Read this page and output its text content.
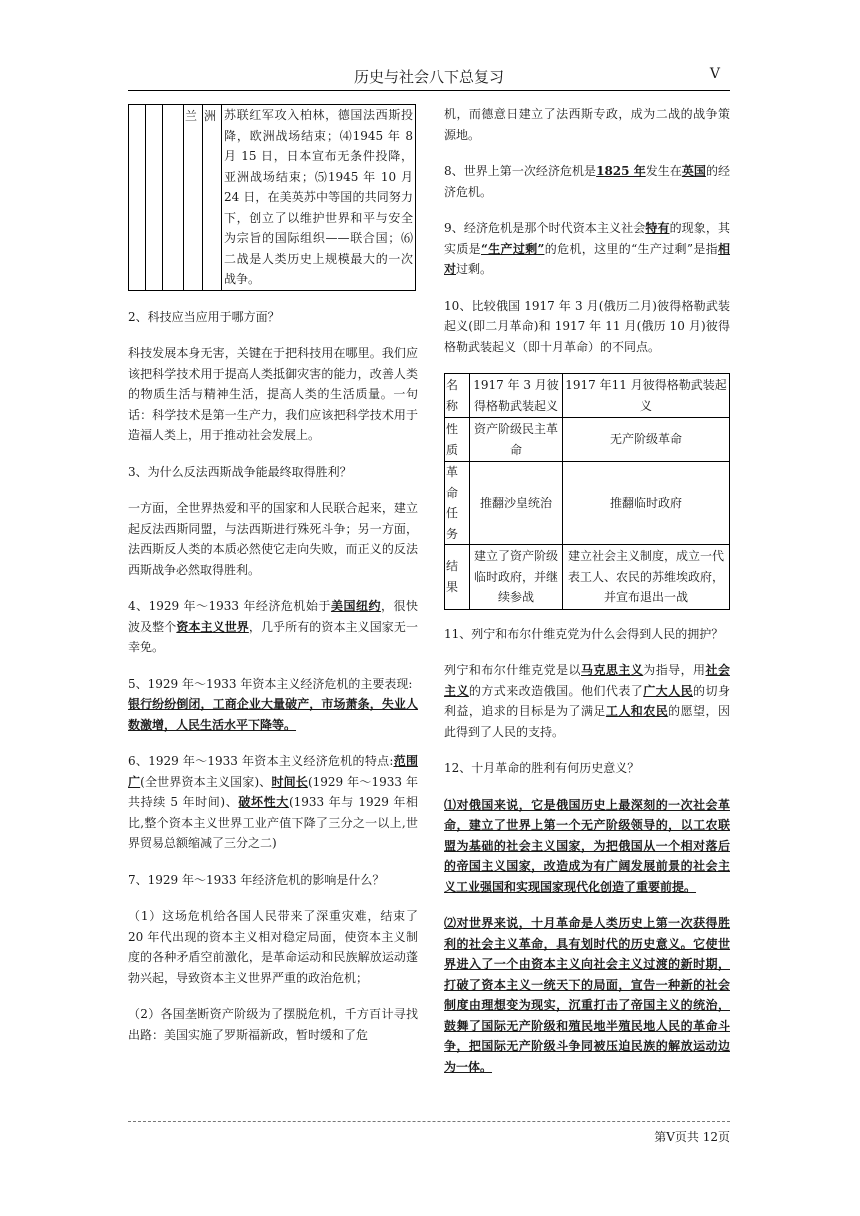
历史与社会八下总复习	V
			兰	洲	苏联红军攻入柏林，德国法西斯投降，欧洲战场结束；⑷1945 年 8 月 15 日，日本宣布无条件投降，亚洲战场结束；⑸1945 年 10 月 24 日，在美英苏中等国的共同努力下，创立了以维护世界和平与安全为宗旨的国际组织——联合国；⑹二战是人类历史上规模最大的一次战争。

2、科技应当应用于哪方面？

科技发展本身无害，关键在于把科技用在哪里。我们应该把科学技术用于提高人类抵御灾害的能力，改善人类的物质生活与精神生活，提高人类的生活质量。一句话：科学技术是第一生产力，我们应该把科学技术用于造福人类上，用于推动社会发展上。

3、为什么反法西斯战争能最终取得胜利？

一方面，全世界热爱和平的国家和人民联合起来，建立起反法西斯同盟，与法西斯进行殊死斗争；另一方面，法西斯反人类的本质必然使它走向失败，而正义的反法西斯战争必然取得胜利。

4、1929 年～1933 年经济危机始于美国纽约，很快波及整个资本主义世界，几乎所有的资本主义国家无一幸免。

5、1929 年～1933 年资本主义经济危机的主要表现:
银行纷纷倒闭，工商企业大量破产，市场萧条，失业人数激增，人民生活水平下降等。

6、1929 年～1933 年资本主义经济危机的特点:范围广(全世界资本主义国家)、时间长(1929 年～1933 年共持续 5 年时间)、破坏性大(1933 年与 1929 年相比,整个资本主义世界工业产值下降了三分之一以上,世界贸易总额缩减了三分之二)

7、1929 年～1933 年经济危机的影响是什么？

（1）这场危机给各国人民带来了深重灾难，结束了 20 年代出现的资本主义相对稳定局面，使资本主义制度的各种矛盾空前激化，是革命运动和民族解放运动蓬勃兴起，导致资本主义世界严重的政治危机；

（2）各国垄断资产阶级为了摆脱危机，千方百计寻找出路：美国实施了罗斯福新政，暂时缓和了危

机，而德意日建立了法西斯专政，成为二战的战争策源地。

8、世界上第一次经济危机是1825 年发生在英国的经济危机。

9、经济危机是那个时代资本主义社会特有的现象，其实质是“生产过剩”的危机，这里的“生产过剩”是指相对过剩。

10、比较俄国 1917 年 3 月(俄历二月)彼得格勒武装起义(即二月革命)和 1917 年 11 月(俄历 10 月)彼得格勒武装起义（即十月革命）的不同点。

名称	1917 年 3 月彼得格勒武装起义	1917 年11 月彼得格勒武装起义
性质	资产阶级民主革命	无产阶级革命
革命任务	推翻沙皇统治	推翻临时政府
结果	建立了资产阶级临时政府，并继续参战	建立社会主义制度，成立一代表工人、农民的苏维埃政府，并宣布退出一战

11、列宁和布尔什维克党为什么会得到人民的拥护？

列宁和布尔什维克党是以马克思主义为指导，用社会主义的方式来改造俄国。他们代表了广大人民的切身利益，追求的目标是为了满足工人和农民的愿望，因此得到了人民的支持。

12、十月革命的胜利有何历史意义？

⑴对俄国来说，它是俄国历史上最深刻的一次社会革命，建立了世界上第一个无产阶级领导的，以工农联盟为基础的社会主义国家，为把俄国从一个相对落后的帝国主义国家，改造成为有广阔发展前景的社会主义工业强国和实现国家现代化创造了重要前提。

⑵对世界来说，十月革命是人类历史上第一次获得胜利的社会主义革命，具有划时代的历史意义。它使世界进入了一个由资本主义向社会主义过渡的新时期，打破了资本主义一统天下的局面，宣告一种新的社会制度由理想变为现实，沉重打击了帝国主义的统治，鼓舞了国际无产阶级和殖民地半殖民地人民的革命斗争，把国际无产阶级斗争同被压迫民族的解放运动边为一体。

第Ⅴ页共 12页
